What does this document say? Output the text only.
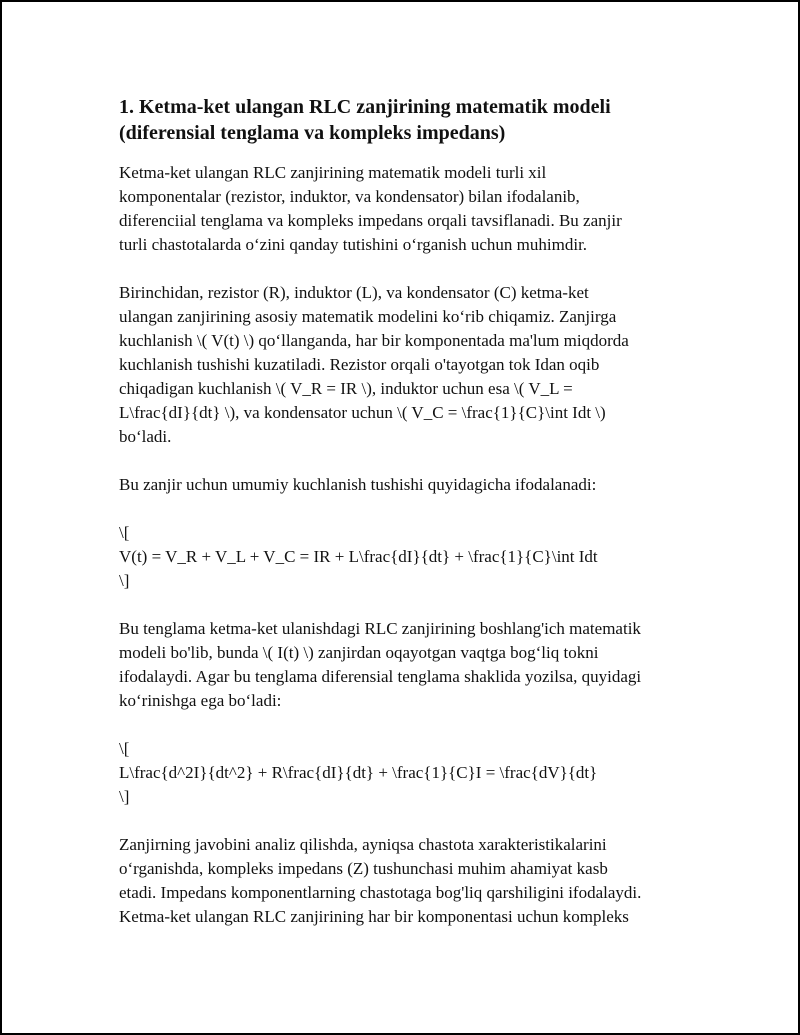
1. Ketma-ket ulangan RLC zanjirining matematik modeli
(diferensial tenglama va kompleks impedans)

Ketma-ket ulangan RLC zanjirining matematik modeli turli xil
komponentalar (rezistor, induktor, va kondensator) bilan ifodalanib,
diferenciial tenglama va kompleks impedans orqali tavsiflanadi. Bu zanjir
turli chastotalarda o‘zini qanday tutishini o‘rganish uchun muhimdir.

Birinchidan, rezistor (R), induktor (L), va kondensator (C) ketma-ket
ulangan zanjirining asosiy matematik modelini ko‘rib chiqamiz. Zanjirga
kuchlanish \( V(t) \) qo‘llanganda, har bir komponentada ma'lum miqdorda
kuchlanish tushishi kuzatiladi. Rezistor orqali o'tayotgan tok Idan oqib
chiqadigan kuchlanish \( V_R = IR \), induktor uchun esa \( V_L =
L\frac{dI}{dt} \), va kondensator uchun \( V_C = \frac{1}{C}\int Idt \)
bo‘ladi.

Bu zanjir uchun umumiy kuchlanish tushishi quyidagicha ifodalanadi:

\[
V(t) = V_R + V_L + V_C = IR + L\frac{dI}{dt} + \frac{1}{C}\int Idt
\]

Bu tenglama ketma-ket ulanishdagi RLC zanjirining boshlang'ich matematik
modeli bo'lib, bunda \( I(t) \) zanjirdan oqayotgan vaqtga bog‘liq tokni
ifodalaydi. Agar bu tenglama diferensial tenglama shaklida yozilsa, quyidagi
ko‘rinishga ega bo‘ladi:

\[
L\frac{d^2I}{dt^2} + R\frac{dI}{dt} + \frac{1}{C}I = \frac{dV}{dt}
\]

Zanjirning javobini analiz qilishda, ayniqsa chastota xarakteristikalarini
o‘rganishda, kompleks impedans (Z) tushunchasi muhim ahamiyat kasb
etadi. Impedans komponentlarning chastotaga bog'liq qarshiligini ifodalaydi.
Ketma-ket ulangan RLC zanjirining har bir komponentasi uchun kompleks
